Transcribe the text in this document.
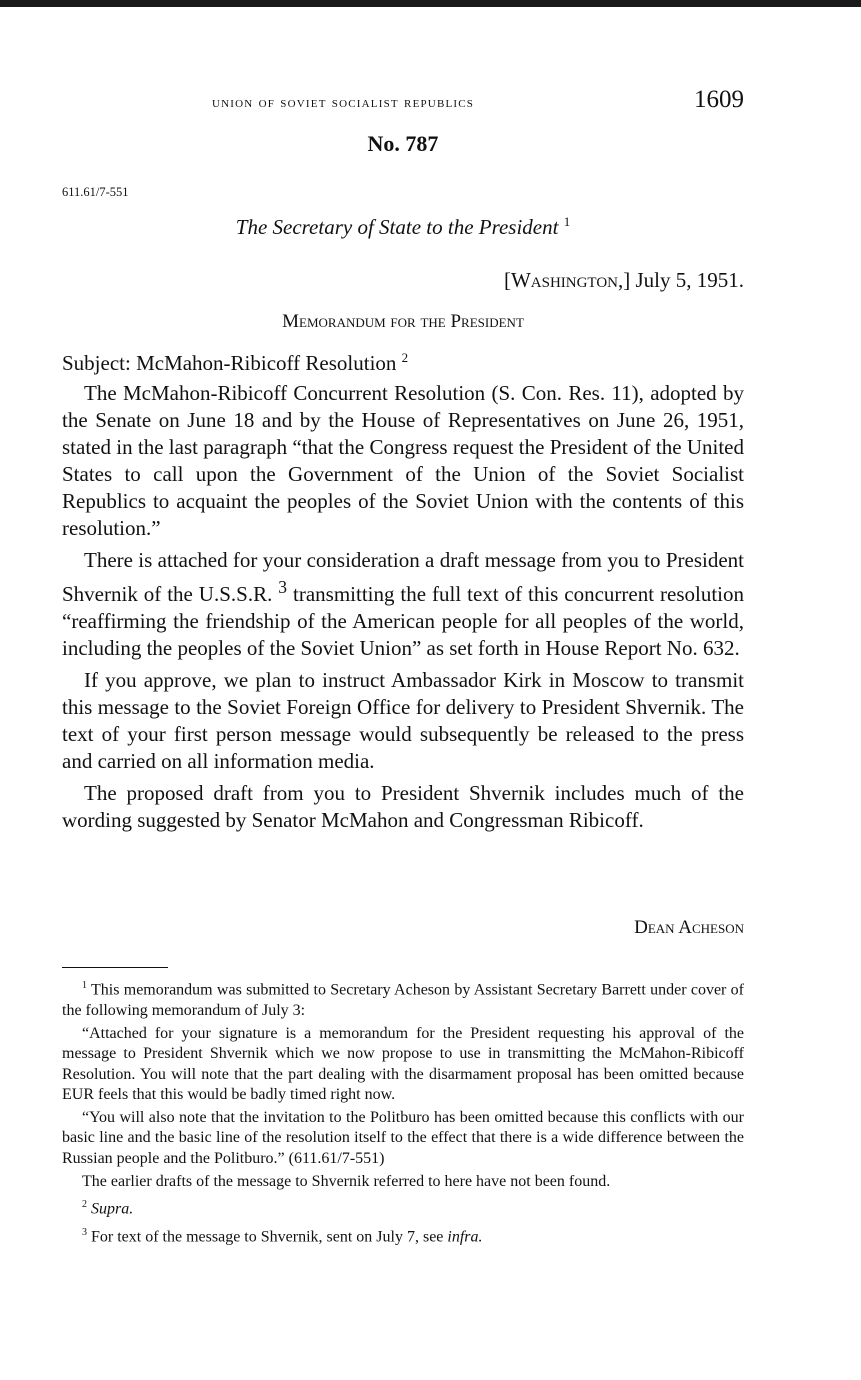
union of soviet socialist republics	1609
No. 787
611.61/7-551
The Secretary of State to the President $^1$
[Washington,] July 5, 1951.
Memorandum for the President
Subject: McMahon-Ribicoff Resolution $^2$

The McMahon-Ribicoff Concurrent Resolution (S. Con. Res. 11), adopted by the Senate on June 18 and by the House of Representatives on June 26, 1951, stated in the last paragraph “that the Congress request the President of the United States to call upon the Government of the Union of the Soviet Socialist Republics to acquaint the peoples of the Soviet Union with the contents of this resolution.”

There is attached for your consideration a draft message from you to President Shvernik of the U.S.S.R. $^3$ transmitting the full text of this concurrent resolution “reaffirming the friendship of the American people for all peoples of the world, including the peoples of the Soviet Union” as set forth in House Report No. 632.

If you approve, we plan to instruct Ambassador Kirk in Moscow to transmit this message to the Soviet Foreign Office for delivery to President Shvernik. The text of your first person message would subsequently be released to the press and carried on all information media.

The proposed draft from you to President Shvernik includes much of the wording suggested by Senator McMahon and Congressman Ribicoff.

Dean Acheson

$^1$ This memorandum was submitted to Secretary Acheson by Assistant Secretary Barrett under cover of the following memorandum of July 3:

“Attached for your signature is a memorandum for the President requesting his approval of the message to President Shvernik which we now propose to use in transmitting the McMahon-Ribicoff Resolution. You will note that the part dealing with the disarmament proposal has been omitted because EUR feels that this would be badly timed right now.

“You will also note that the invitation to the Politburo has been omitted because this conflicts with our basic line and the basic line of the resolution itself to the effect that there is a wide difference between the Russian people and the Politburo.” (611.61/7-551)

The earlier drafts of the message to Shvernik referred to here have not been found.

$^2$ Supra.

$^3$ For text of the message to Shvernik, sent on July 7, see infra.
